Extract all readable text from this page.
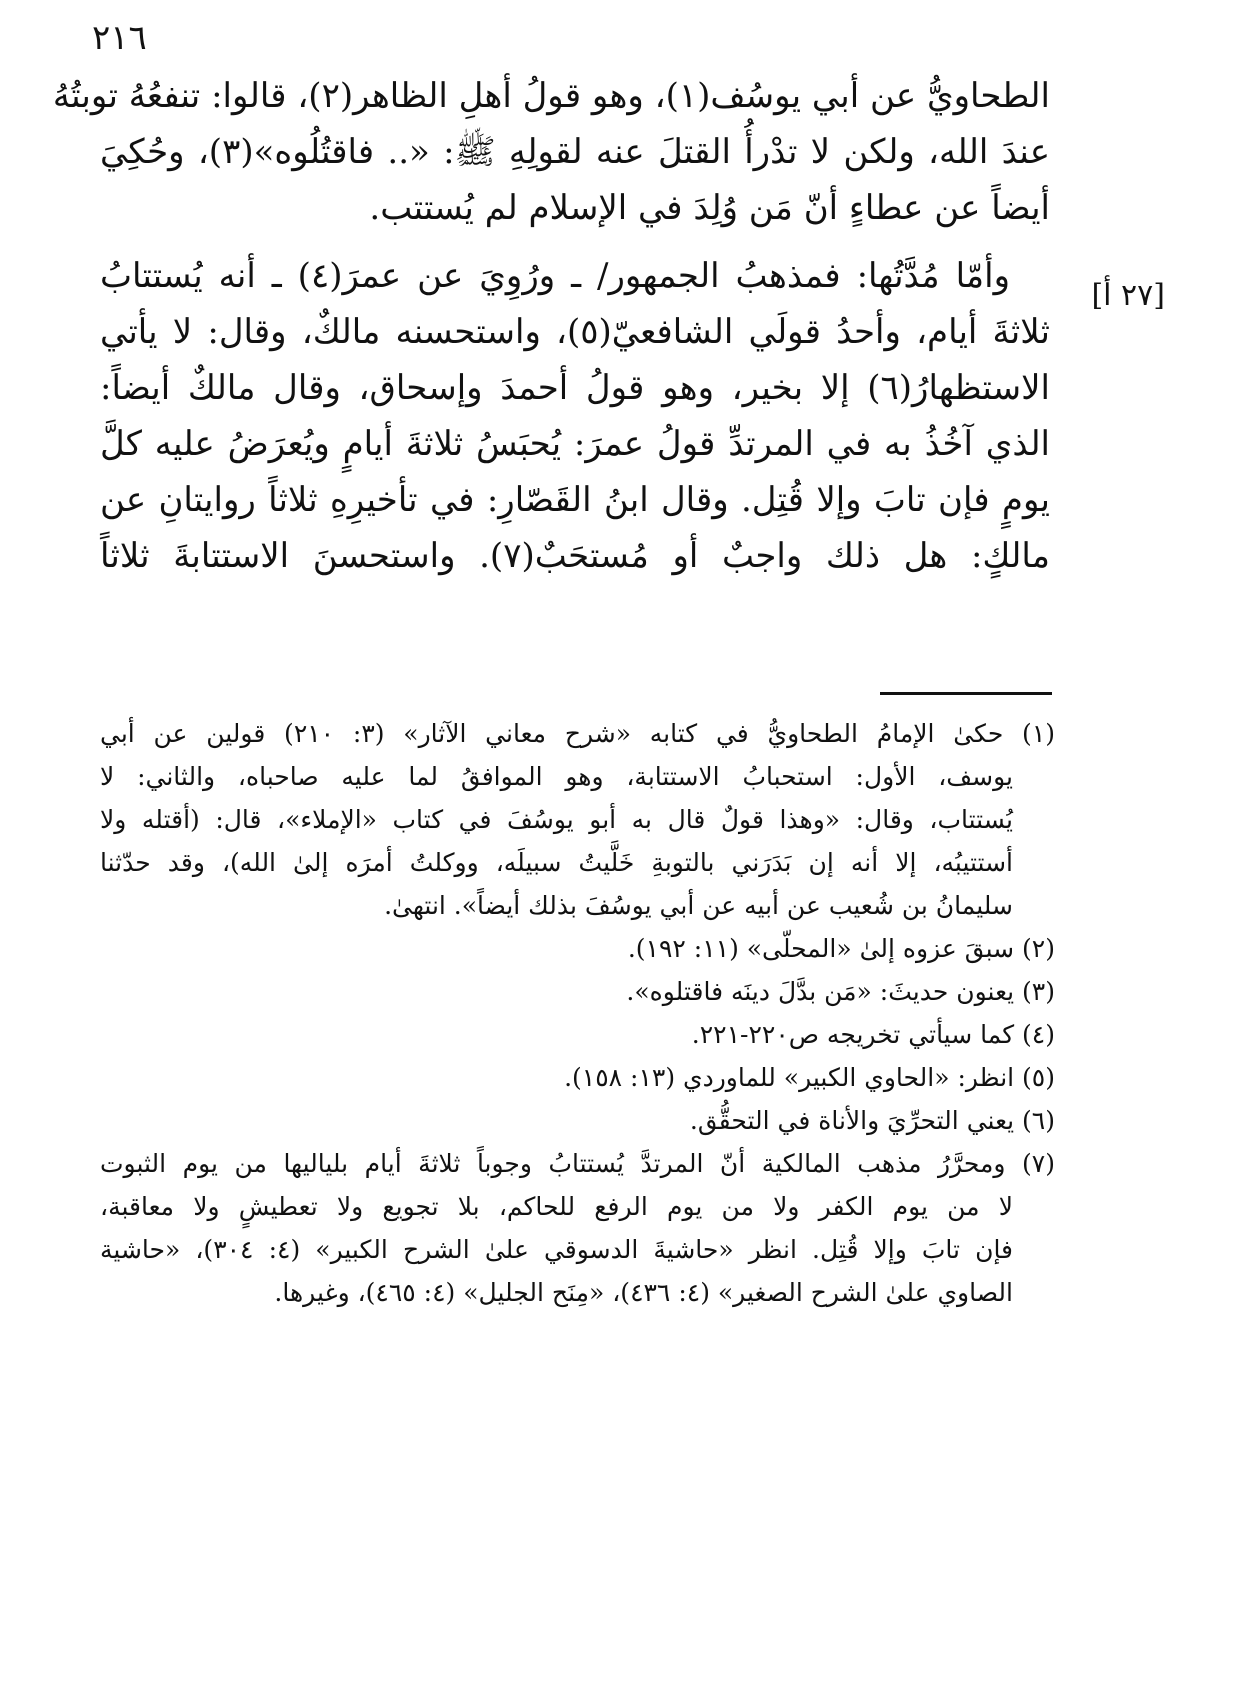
٢١٦
[٢٧ أ]
الطحاويُّ عن أبي يوسُف(١)، وهو قولُ أهلِ الظاهر(٢)، قالوا: تنفعُهُ توبتُهُ
عندَ الله، ولكن لا تدْرأُ القتلَ عنه لقولِهِ ﷺ: «.. فاقتُلُوه»(٣)، وحُكِيَ
أيضاً عن عطاءٍ أنّ مَن وُلِدَ في الإسلام لم يُستتب.
وأمّا مُدَّتُها: فمذهبُ الجمهور/ ـ ورُوِيَ عن عمرَ(٤) ـ أنه يُستتابُ
ثلاثةَ أيام، وأحدُ قولَي الشافعيّ(٥)، واستحسنه مالكٌ، وقال: لا يأتي
الاستظهارُ(٦) إلا بخير، وهو قولُ أحمدَ وإسحاق، وقال مالكٌ أيضاً:
الذي آخُذُ به في المرتدِّ قولُ عمرَ: يُحبَسُ ثلاثةَ أيامٍ ويُعرَضُ عليه كلَّ
يومٍ فإن تابَ وإلا قُتِل. وقال ابنُ القَصّارِ: في تأخيرِهِ ثلاثاً روايتانِ عن
مالكٍ: هل ذلك واجبٌ أو مُستحَبٌ(٧). واستحسنَ الاستتابةَ ثلاثاً
(١) حكىٰ الإمامُ الطحاويُّ في كتابه «شرح معاني الآثار» (٣: ٢١٠) قولين عن أبي
يوسف، الأول: استحبابُ الاستتابة، وهو الموافقُ لما عليه صاحباه، والثاني: لا
يُستتاب، وقال: «وهذا قولٌ قال به أبو يوسُفَ في كتاب «الإملاء»، قال: (أقتله ولا
أستتيبُه، إلا أنه إن بَدَرَني بالتوبةِ خَلَّيتُ سبيلَه، ووكلتُ أمرَه إلىٰ الله)، وقد حدّثنا
سليمانُ بن شُعيب عن أبيه عن أبي يوسُفَ بذلك أيضاً». انتهىٰ.
(٢) سبقَ عزوه إلىٰ «المحلّى» (١١: ١٩٢).
(٣) يعنون حديثَ: «مَن بدَّلَ دينَه فاقتلوه».
(٤) كما سيأتي تخريجه ص٢٢٠-٢٢١.
(٥) انظر: «الحاوي الكبير» للماوردي (١٣: ١٥٨).
(٦) يعني التحرِّيَ والأناة في التحقُّق.
(٧) ومحرَّرُ مذهب المالكية أنّ المرتدَّ يُستتابُ وجوباً ثلاثةَ أيام بلياليها من يوم الثبوت
لا من يوم الكفر ولا من يوم الرفع للحاكم، بلا تجويع ولا تعطيشٍ ولا معاقبة،
فإن تابَ وإلا قُتِل. انظر «حاشيةَ الدسوقي علىٰ الشرح الكبير» (٤: ٣٠٤)، «حاشية
الصاوي علىٰ الشرح الصغير» (٤: ٤٣٦)، «مِنَح الجليل» (٤: ٤٦٥)، وغيرها.
